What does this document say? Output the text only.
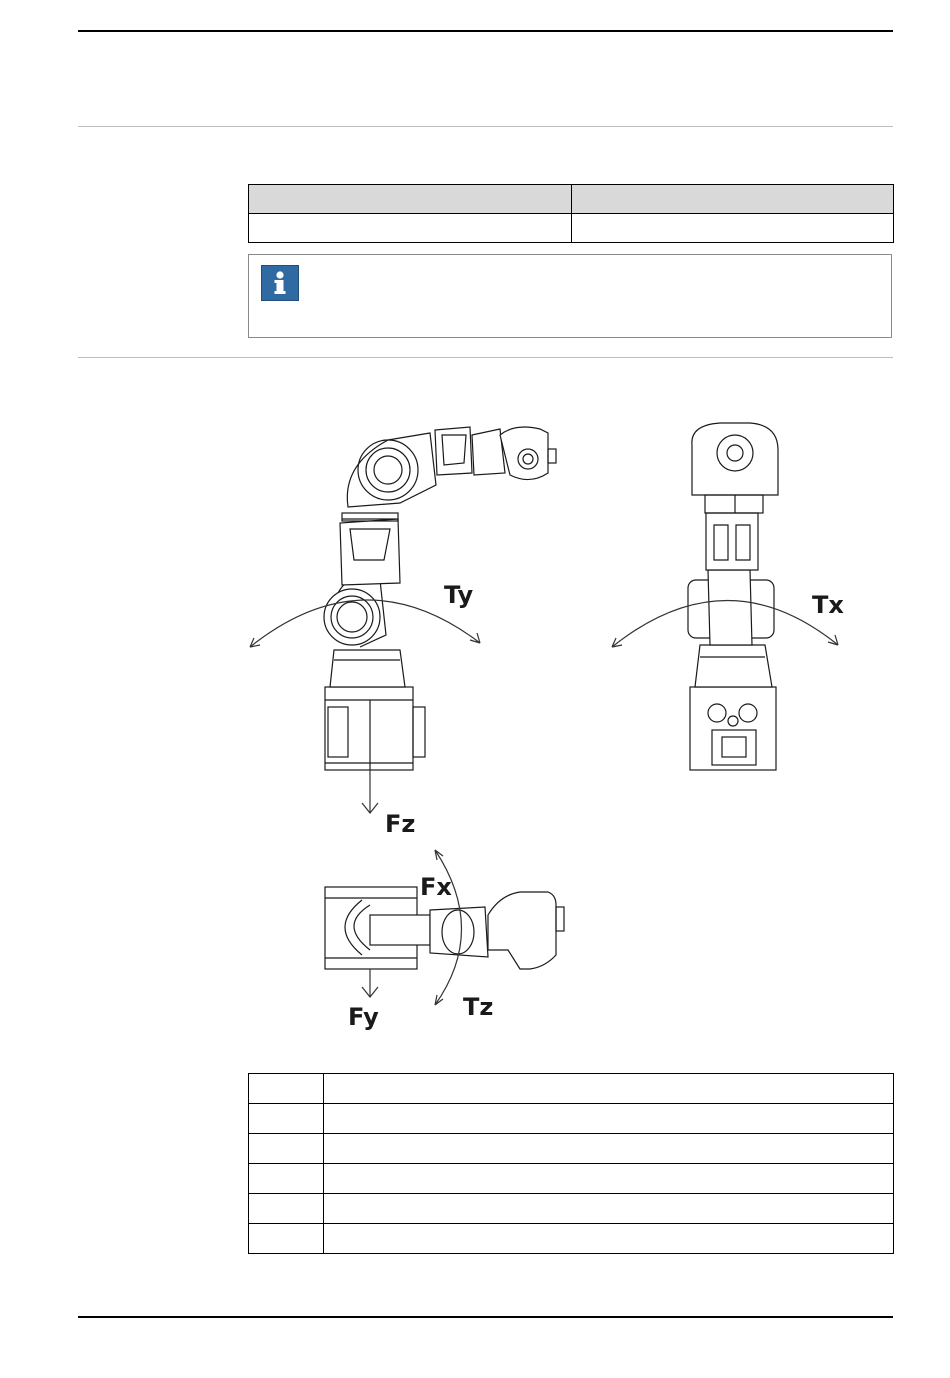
Ty
Fz
Tx
Fx
Tz
Fy
